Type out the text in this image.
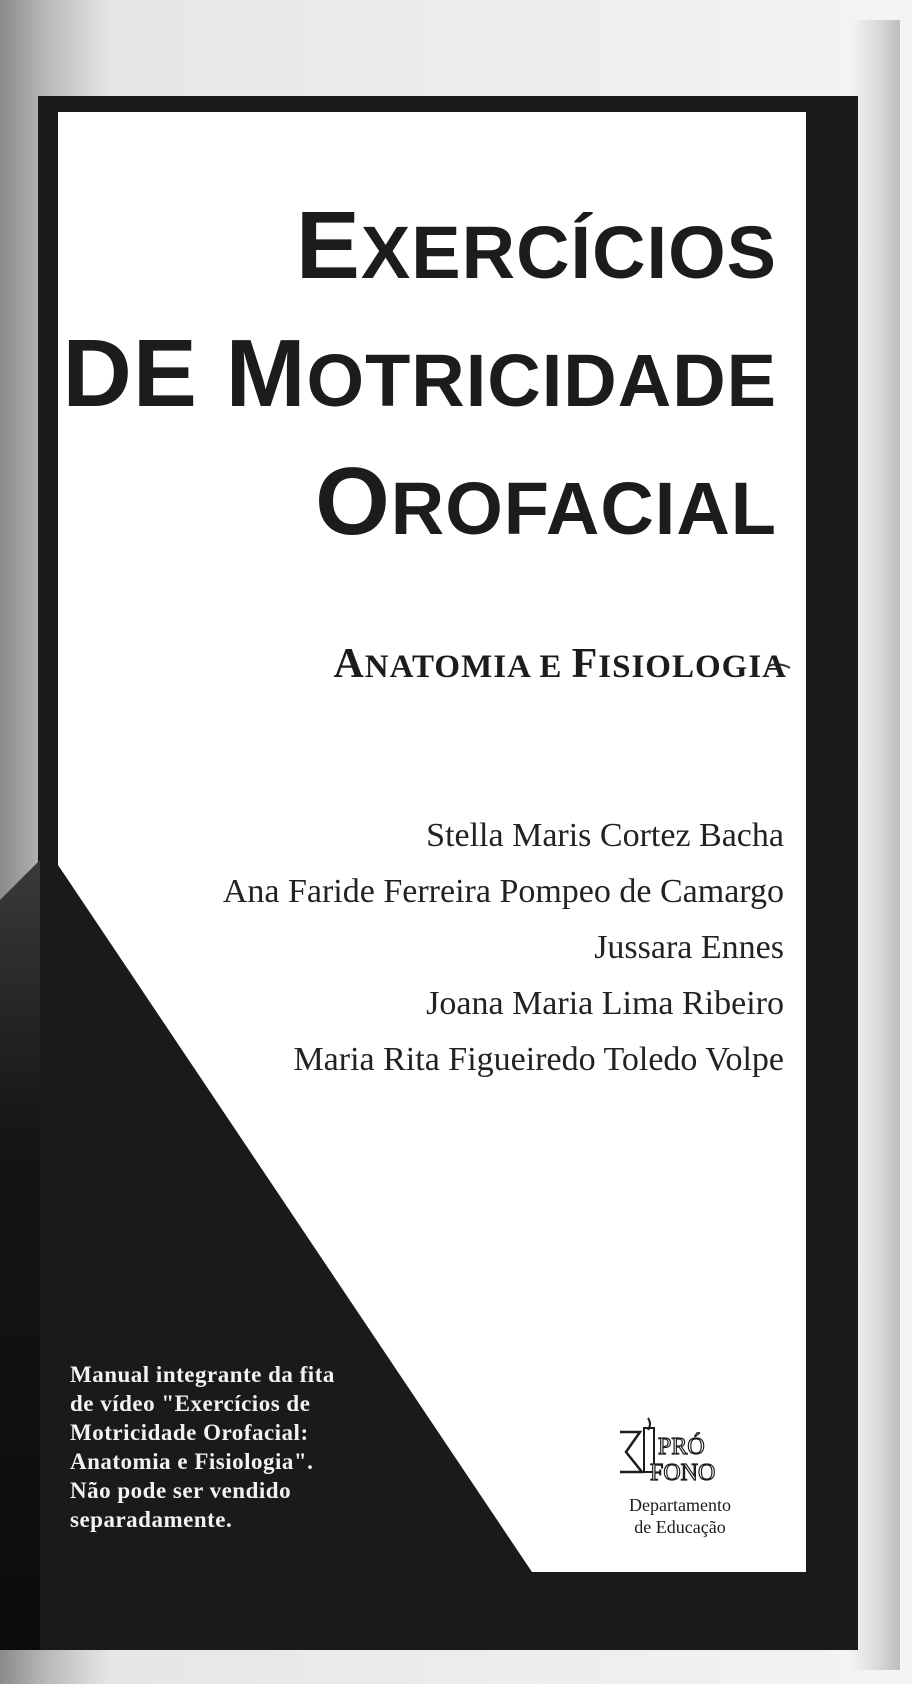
EXERCÍCIOS
DE MOTRICIDADE
OROFACIAL
ANATOMIA E FISIOLOGIA
Stella Maris Cortez Bacha
Ana Faride Ferreira Pompeo de Camargo
Jussara Ennes
Joana Maria Lima Ribeiro
Maria Rita Figueiredo Toledo Volpe
Manual integrante da fita
de vídeo "Exercícios de
Motricidade Orofacial:
Anatomia e Fisiologia".
Não pode ser vendido
separadamente.
PRÓ
FONO
Departamento
de Educação
